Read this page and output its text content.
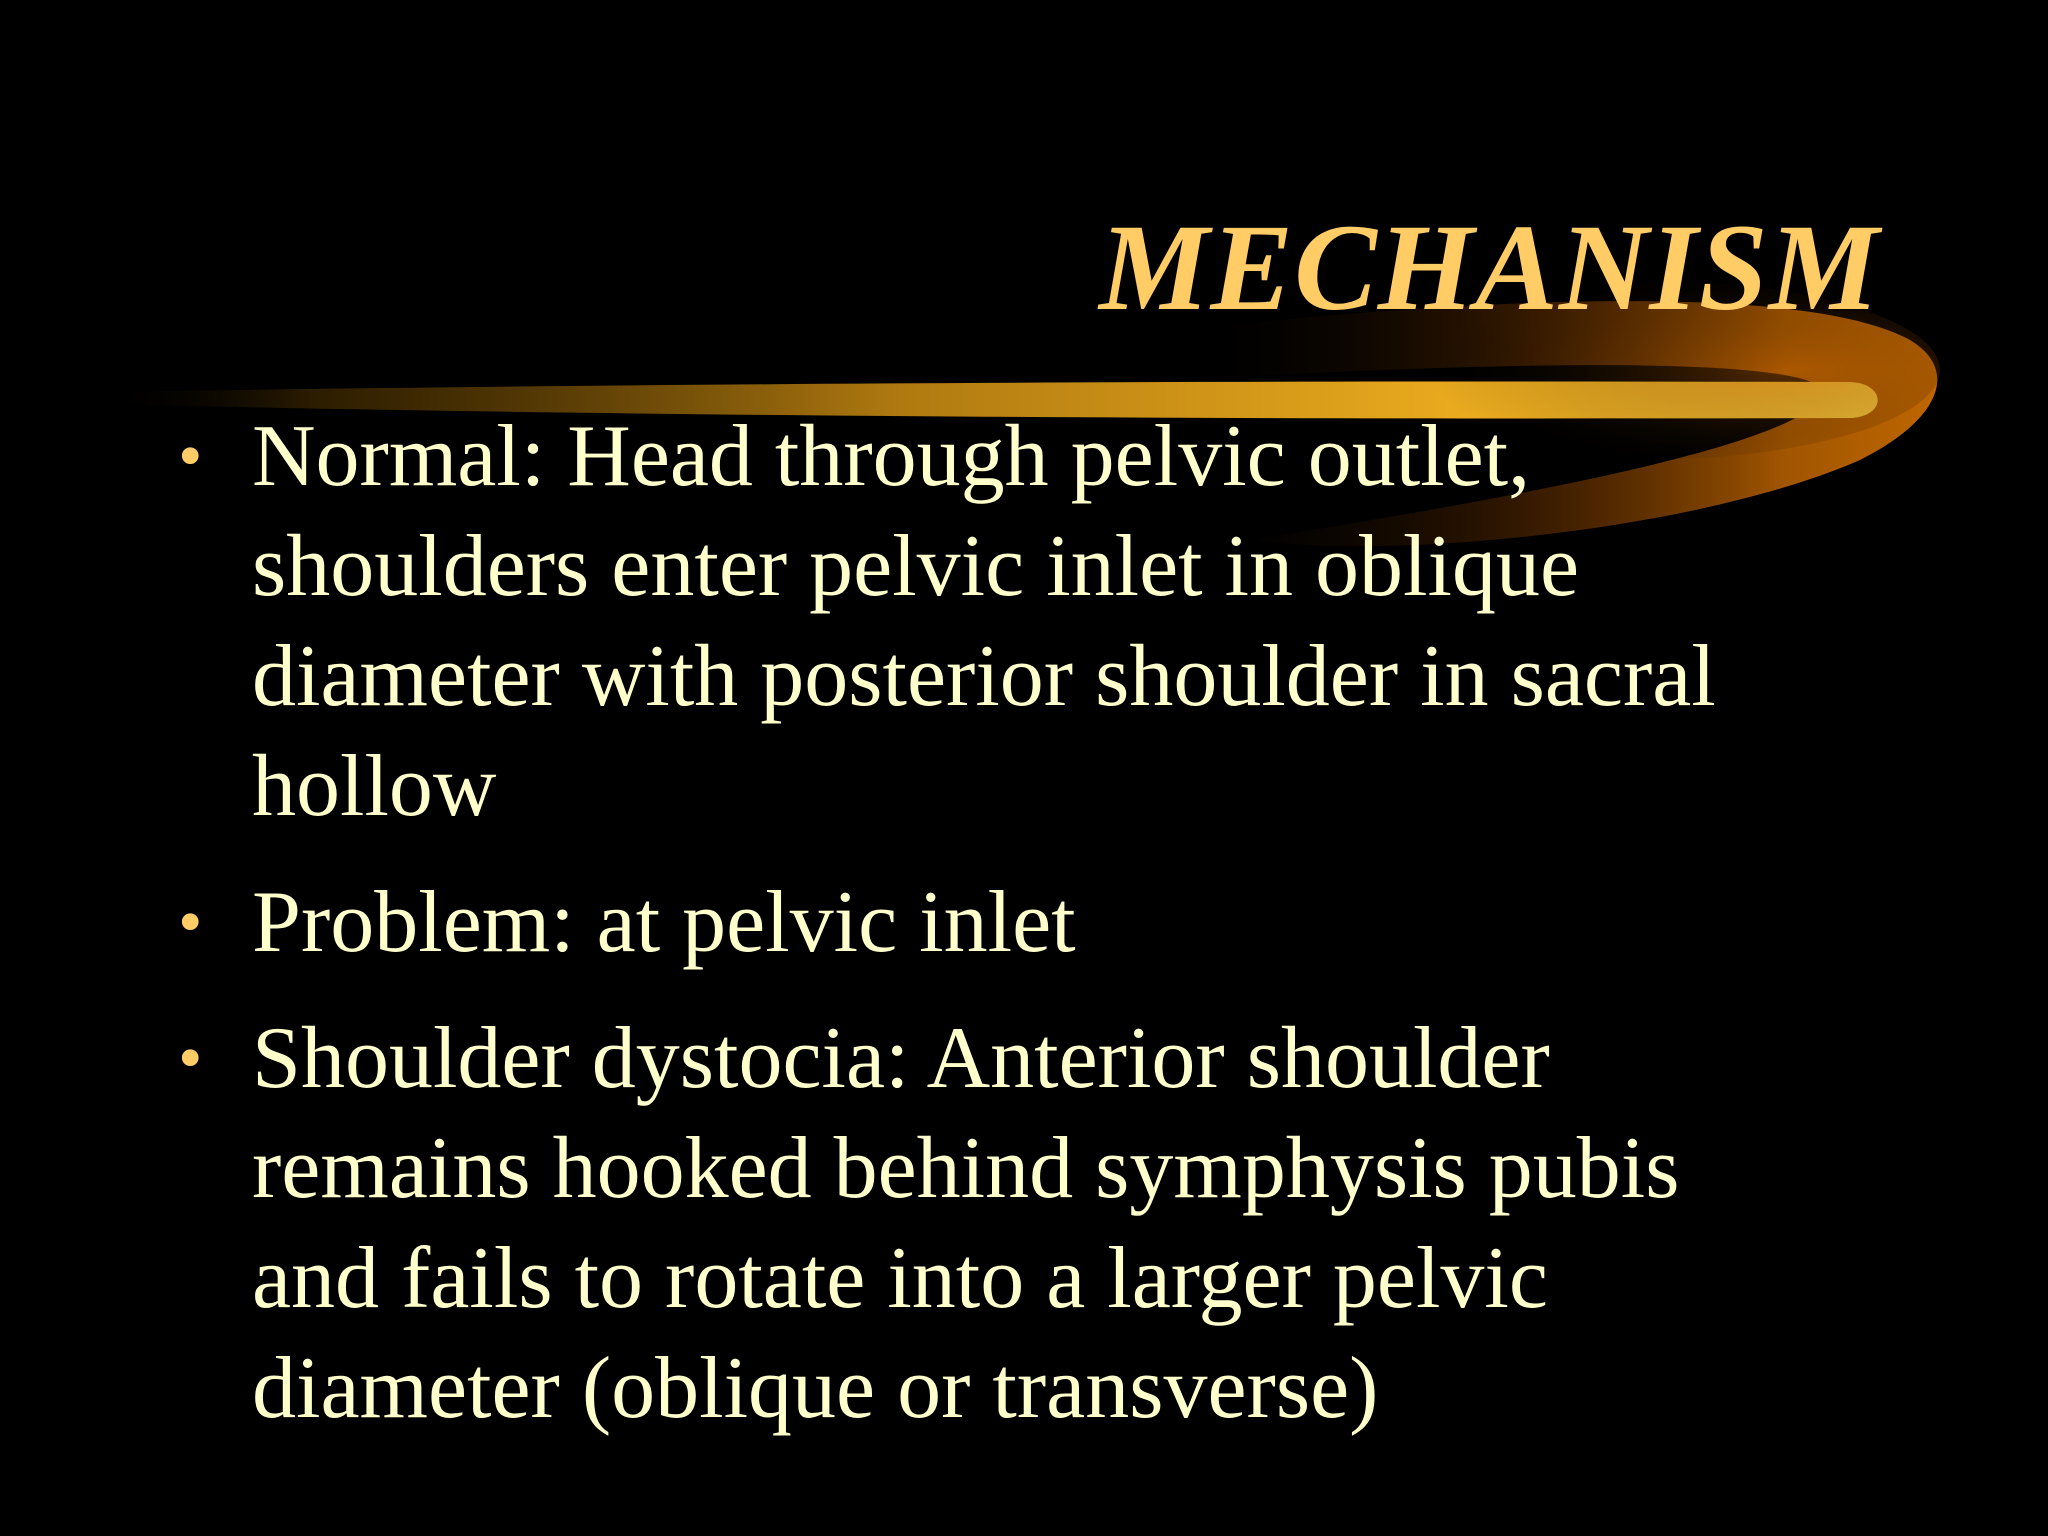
MECHANISM
• Normal: Head through pelvic outlet, shoulders enter pelvic inlet in oblique diameter with posterior shoulder in sacral hollow
• Problem: at pelvic inlet
• Shoulder dystocia: Anterior shoulder remains hooked behind symphysis pubis and fails to rotate into a larger pelvic diameter (oblique or transverse)
